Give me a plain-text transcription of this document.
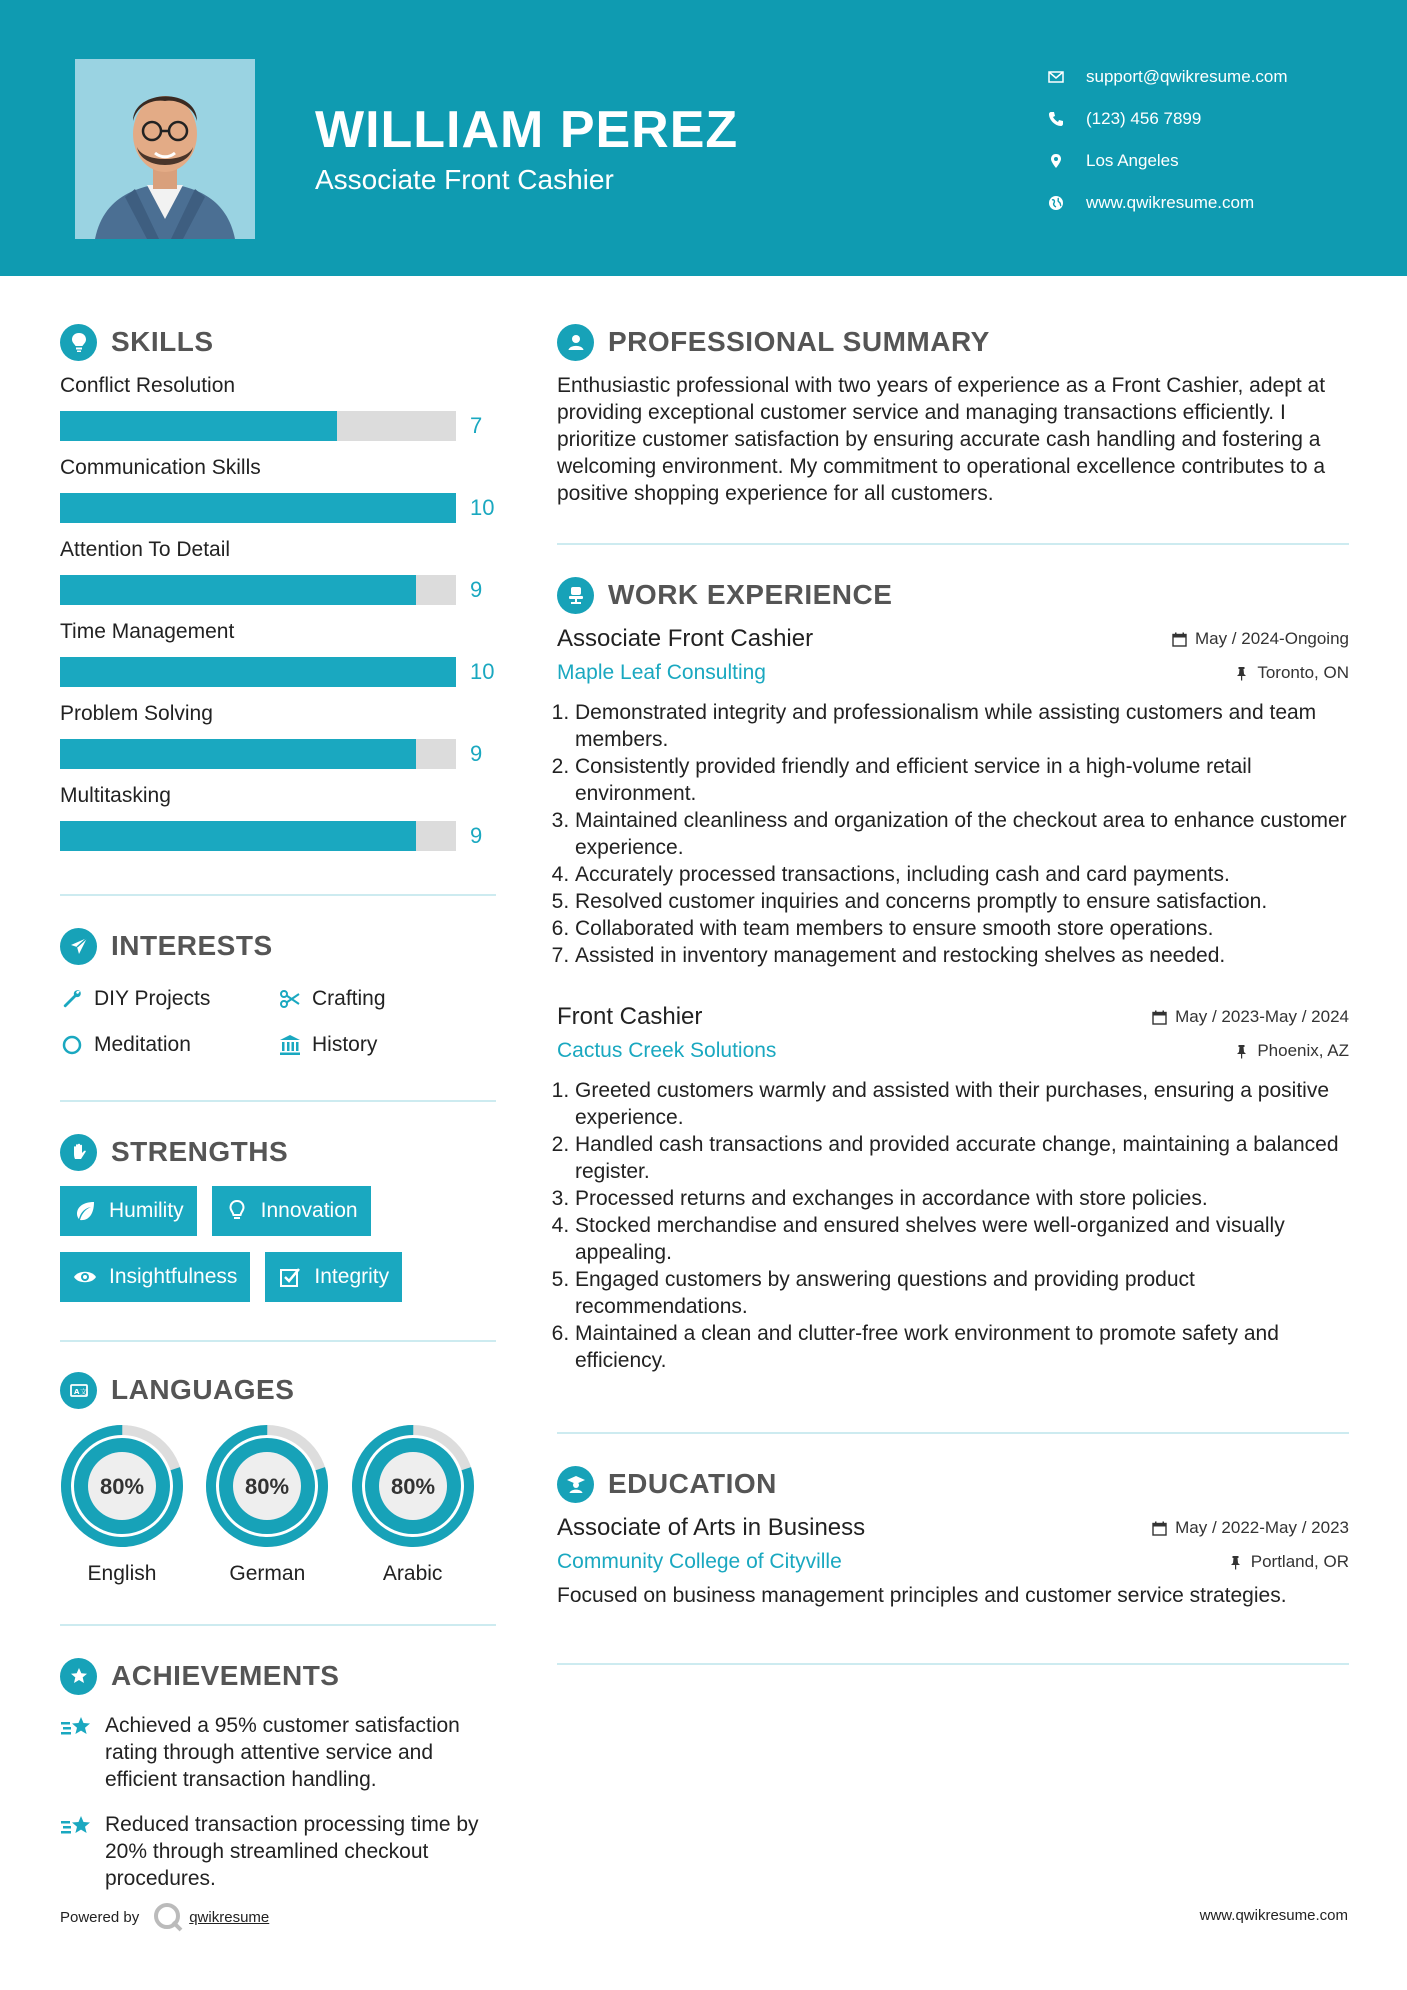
WILLIAM PEREZ
Associate Front Cashier
support@qwikresume.com
(123) 456 7899
Los Angeles
www.qwikresume.com
SKILLS
Conflict Resolution
7
Communication Skills
10
Attention To Detail
9
Time Management
10
Problem Solving
9
Multitasking
9
INTERESTS
DIY Projects	Crafting
Meditation	History
STRENGTHS
Humility	Innovation
Insightfulness	Integrity
A 文 LANGUAGES
80%
English
80%
German
80%
Arabic
ACHIEVEMENTS
Achieved a 95% customer satisfaction rating through attentive service and efficient transaction handling.
Reduced transaction processing time by 20% through streamlined checkout procedures.
PROFESSIONAL SUMMARY
Enthusiastic professional with two years of experience as a Front Cashier, adept at providing exceptional customer service and managing transactions efficiently. I prioritize customer satisfaction by ensuring accurate cash handling and fostering a welcoming environment. My commitment to operational excellence contributes to a positive shopping experience for all customers.
WORK EXPERIENCE
Associate Front Cashier	May / 2024-Ongoing
Maple Leaf Consulting	Toronto, ON
1. Demonstrated integrity and professionalism while assisting customers and team members.
2. Consistently provided friendly and efficient service in a high-volume retail environment.
3. Maintained cleanliness and organization of the checkout area to enhance customer experience.
4. Accurately processed transactions, including cash and card payments.
5. Resolved customer inquiries and concerns promptly to ensure satisfaction.
6. Collaborated with team members to ensure smooth store operations.
7. Assisted in inventory management and restocking shelves as needed.
Front Cashier	May / 2023-May / 2024
Cactus Creek Solutions	Phoenix, AZ
1. Greeted customers warmly and assisted with their purchases, ensuring a positive experience.
2. Handled cash transactions and provided accurate change, maintaining a balanced register.
3. Processed returns and exchanges in accordance with store policies.
4. Stocked merchandise and ensured shelves were well-organized and visually appealing.
5. Engaged customers by answering questions and providing product recommendations.
6. Maintained a clean and clutter-free work environment to promote safety and efficiency.
EDUCATION
Associate of Arts in Business	May / 2022-May / 2023
Community College of Cityville	Portland, OR
Focused on business management principles and customer service strategies.
Powered by	qwikresume	www.qwikresume.com
